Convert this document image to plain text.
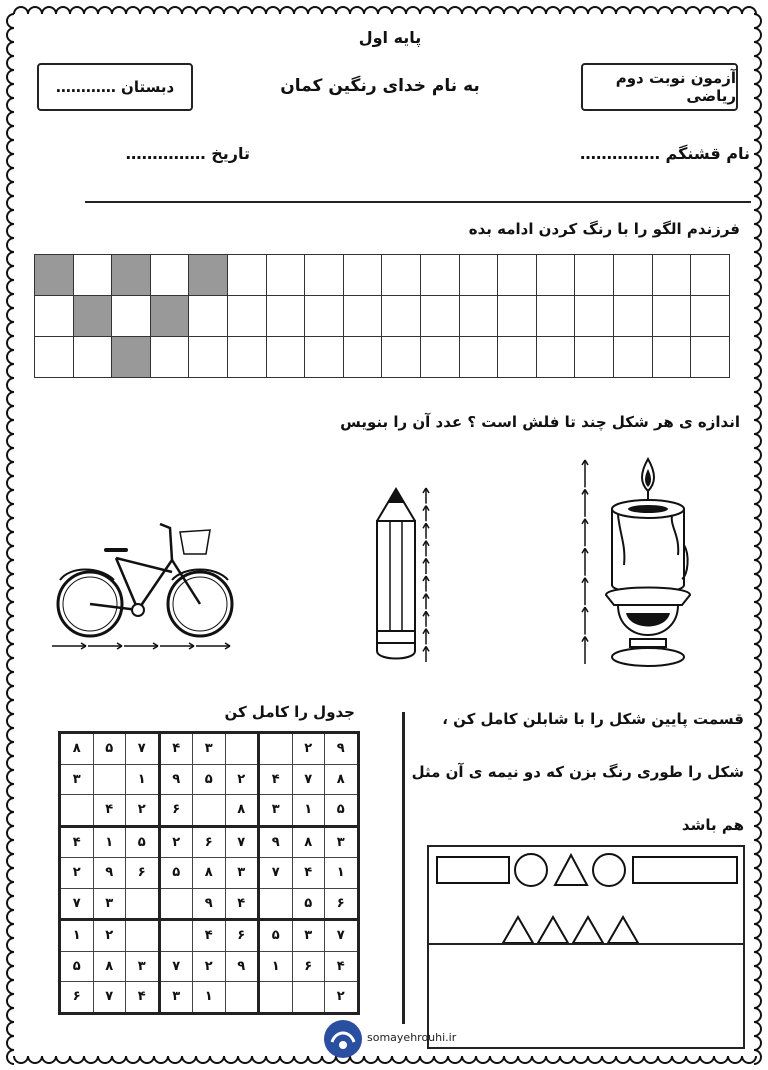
پایه اول
دبستان …………	به نام خدای رنگین کمان	آزمون نوبت دوم ریاضی
نام قشنگم ……………
تاریخ ……………
فرزندم الگو را با رنگ کردن ادامه بده

اندازه ی هر شکل چند تا فلش است ؟ عدد آن را بنویس
جدول را کامل کن
۸	۵	۷	۴	۳			۲	۹
۳		۱	۹	۵	۲	۴	۷	۸
	۴	۲	۶		۸	۳	۱	۵
۴	۱	۵	۲	۶	۷	۹	۸	۳
۲	۹	۶	۵	۸	۳	۷	۴	۱
۷	۳			۹	۴		۵	۶
۱	۲			۴	۶	۵	۳	۷
۵	۸	۳	۷	۲	۹	۱	۶	۴
۶	۷	۴	۳	۱				۲
قسمت پایین شکل را با شابلن کامل کن ،
شکل را طوری رنگ بزن که دو نیمه ی آن مثل
هم باشد
somayehrouhi.ir
